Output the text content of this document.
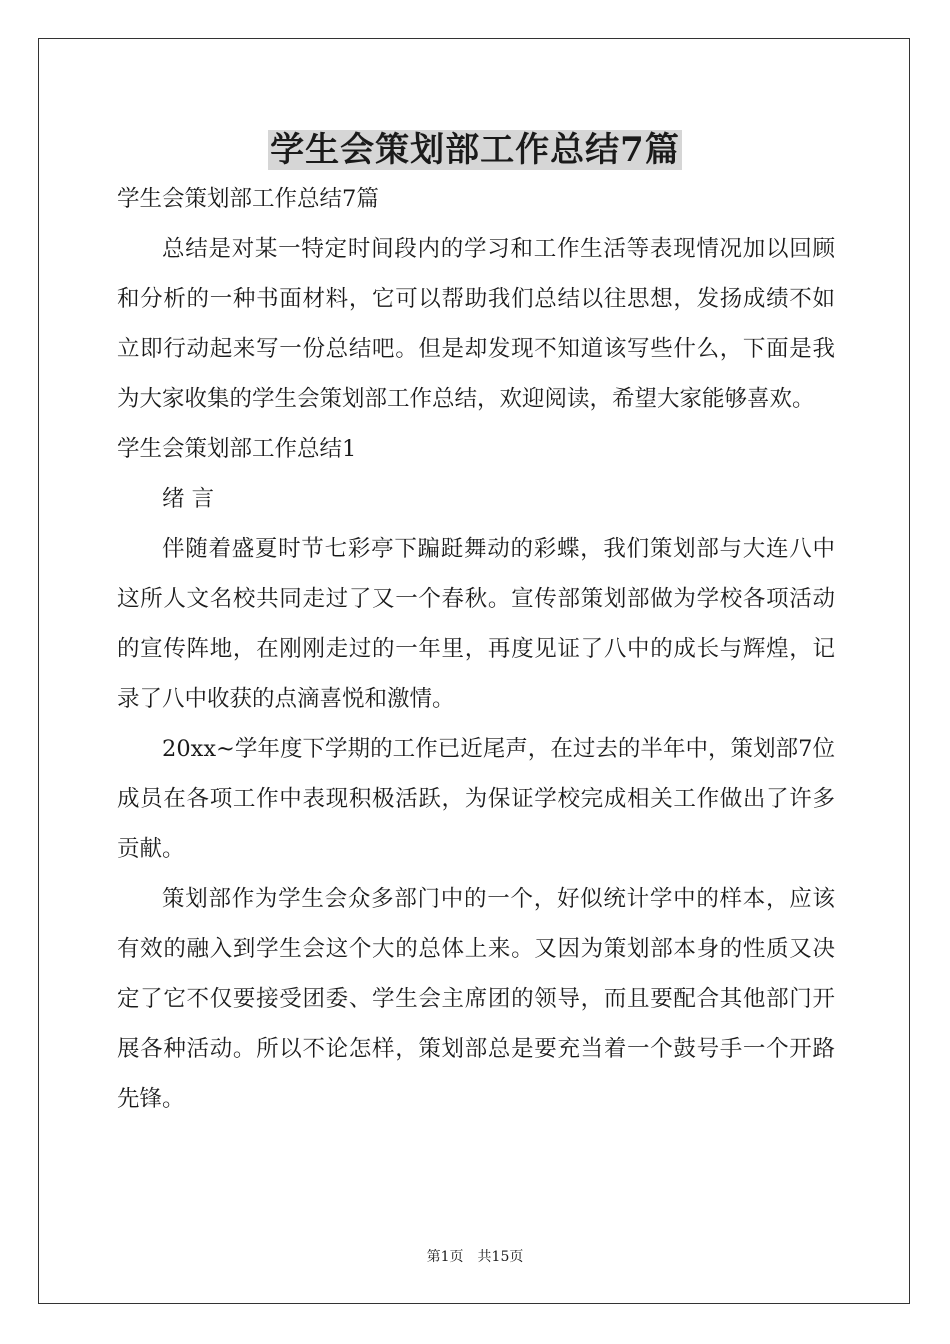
学生会策划部工作总结7篇

学生会策划部工作总结7篇

总结是对某一特定时间段内的学习和工作生活等表现情况加以回顾和分析的一种书面材料，它可以帮助我们总结以往思想，发扬成绩不如立即行动起来写一份总结吧。但是却发现不知道该写些什么，下面是我为大家收集的学生会策划部工作总结，欢迎阅读，希望大家能够喜欢。

学生会策划部工作总结1

绪 言

伴随着盛夏时节七彩亭下蹁跹舞动的彩蝶，我们策划部与大连八中这所人文名校共同走过了又一个春秋。宣传部策划部做为学校各项活动的宣传阵地，在刚刚走过的一年里，再度见证了八中的成长与辉煌，记录了八中收获的点滴喜悦和激情。

20xx~学年度下学期的工作已近尾声，在过去的半年中，策划部7位成员在各项工作中表现积极活跃，为保证学校完成相关工作做出了许多贡献。

策划部作为学生会众多部门中的一个，好似统计学中的样本，应该有效的融入到学生会这个大的总体上来。又因为策划部本身的性质又决定了它不仅要接受团委、学生会主席团的领导，而且要配合其他部门开展各种活动。所以不论怎样，策划部总是要充当着一个鼓号手一个开路先锋。

第1页 共15页
